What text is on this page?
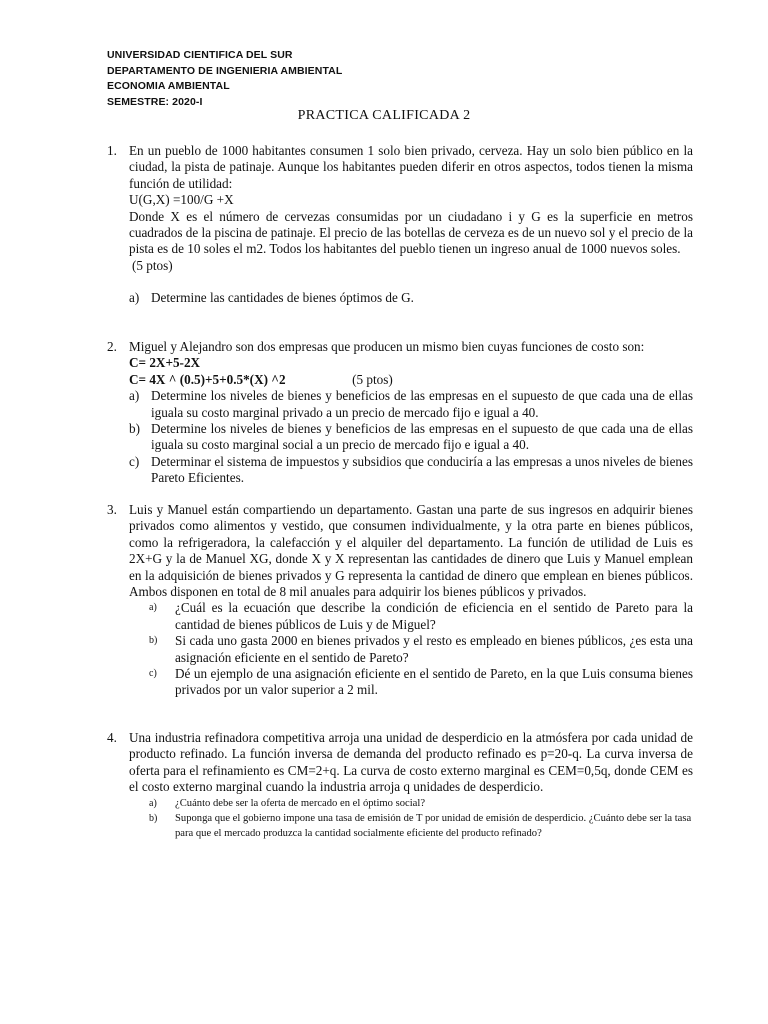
UNIVERSIDAD CIENTIFICA DEL SUR
DEPARTAMENTO DE INGENIERIA AMBIENTAL
ECONOMIA AMBIENTAL
SEMESTRE: 2020-I
PRACTICA CALIFICADA 2
1. En un pueblo de 1000 habitantes consumen 1 solo bien privado, cerveza. Hay un solo bien público en la ciudad, la pista de patinaje. Aunque los habitantes pueden diferir en otros aspectos, todos tienen la misma función de utilidad:
U(G,X) =100/G +X
Donde X es el número de cervezas consumidas por un ciudadano i y G es la superficie en metros cuadrados de la piscina de patinaje. El precio de las botellas de cerveza es de un nuevo sol y el precio de la pista es de 10 soles el m2. Todos los habitantes del pueblo tienen un ingreso anual de 1000 nuevos soles.
(5 ptos)
a) Determine las cantidades de bienes óptimos de G.
2. Miguel y Alejandro son dos empresas que producen un mismo bien cuyas funciones de costo son:
C= 2X+5-2X
C= 4X ^ (0.5)+5+0.5*(X) ^2	(5 ptos)
a) Determine los niveles de bienes y beneficios de las empresas en el supuesto de que cada una de ellas iguala su costo marginal privado a un precio de mercado fijo e igual a 40.
b) Determine los niveles de bienes y beneficios de las empresas en el supuesto de que cada una de ellas iguala su costo marginal social a un precio de mercado fijo e igual a 40.
c) Determinar el sistema de impuestos y subsidios que conduciría a las empresas a unos niveles de bienes Pareto Eficientes.
3. Luis y Manuel están compartiendo un departamento. Gastan una parte de sus ingresos en adquirir bienes privados como alimentos y vestido, que consumen individualmente, y la otra parte en bienes públicos, como la refrigeradora, la calefacción y el alquiler del departamento. La función de utilidad de Luis es 2X+G y la de Manuel XG, donde X y X representan las cantidades de dinero que Luis y Manuel emplean en la adquisición de bienes privados y G representa la cantidad de dinero que emplean en bienes públicos. Ambos disponen en total de 8 mil anuales para adquirir los bienes públicos y privados.
a) ¿Cuál es la ecuación que describe la condición de eficiencia en el sentido de Pareto para la cantidad de bienes públicos de Luis y de Miguel?
b) Si cada uno gasta 2000 en bienes privados y el resto es empleado en bienes públicos, ¿es esta una asignación eficiente en el sentido de Pareto?
c) Dé un ejemplo de una asignación eficiente en el sentido de Pareto, en la que Luis consuma bienes privados por un valor superior a 2 mil.
4. Una industria refinadora competitiva arroja una unidad de desperdicio en la atmósfera por cada unidad de producto refinado. La función inversa de demanda del producto refinado es p=20-q. La curva inversa de oferta para el refinamiento es CM=2+q. La curva de costo externo marginal es CEM=0,5q, donde CEM es el costo externo marginal cuando la industria arroja q unidades de desperdicio.
a) ¿Cuánto debe ser la oferta de mercado en el óptimo social?
b) Suponga que el gobierno impone una tasa de emisión de T por unidad de emisión de desperdicio. ¿Cuánto debe ser la tasa para que el mercado produzca la cantidad socialmente eficiente del producto refinado?
